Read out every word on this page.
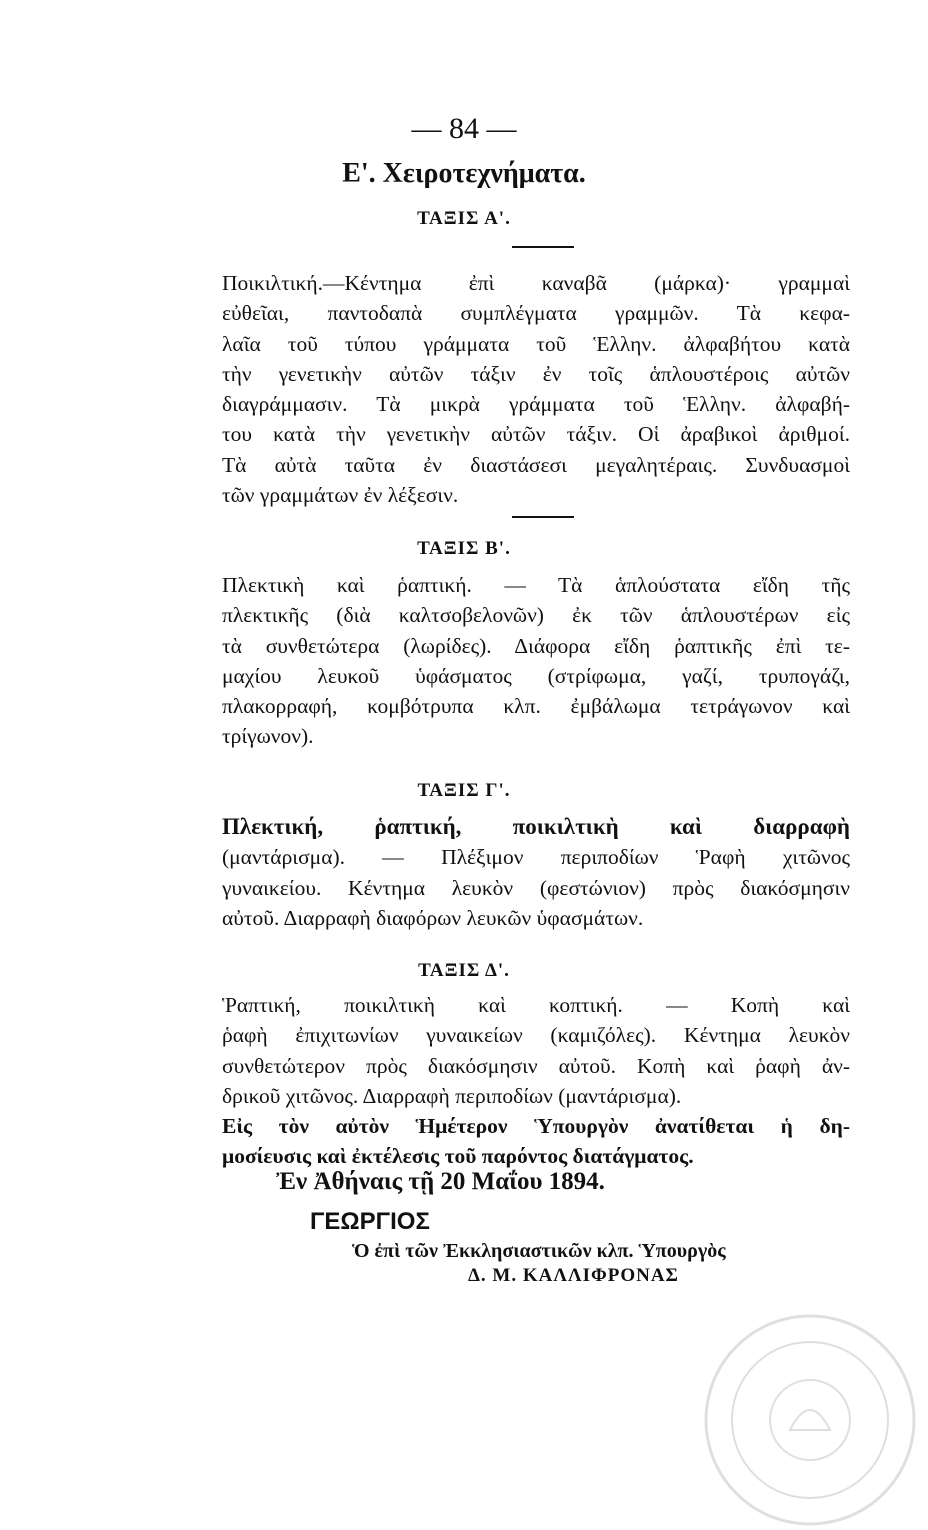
— 84 —
Ε'. Χειροτεχνήματα.
ΤΑΞΙΣ Α'.
Ποικιλτική.—Κέντημα ἐπὶ καναβᾶ (μάρκα)· γραμμαὶ
εὐθεῖαι, παντοδαπὰ συμπλέγματα γραμμῶν. Τὰ κεφα-
λαῖα τοῦ τύπου γράμματα τοῦ Ἑλλην. ἀλφαβήτου κατὰ
τὴν γενετικὴν αὐτῶν τάξιν ἐν τοῖς ἁπλουστέροις αὐτῶν
διαγράμμασιν. Τὰ μικρὰ γράμματα τοῦ Ἑλλην. ἀλφαβή-
του κατὰ τὴν γενετικὴν αὐτῶν τάξιν. Οἱ ἀραβικοὶ ἀριθμοί.
Τὰ αὐτὰ ταῦτα ἐν διαστάσεσι μεγαλητέραις. Συνδυασμοὶ
τῶν γραμμάτων ἐν λέξεσιν.
ΤΑΞΙΣ Β'.
Πλεκτικὴ καὶ ῥαπτική. — Τὰ ἁπλούστατα εἴδη τῆς
πλεκτικῆς (διὰ καλτσοβελονῶν) ἐκ τῶν ἁπλουστέρων εἰς
τὰ συνθετώτερα (λωρίδες). Διάφορα εἴδη ῥαπτικῆς ἐπὶ τε-
μαχίου λευκοῦ ὑφάσματος (στρίφωμα, γαζί, τρυπογάζι,
πλακορραφή, κομβότρυπα κλπ. ἐμβάλωμα τετράγωνον καὶ
τρίγωνον).
ΤΑΞΙΣ Γ'.
Πλεκτική, ῥαπτική, ποικιλτικὴ καὶ διαρραφὴ
(μαντάρισμα). — Πλέξιμον περιποδίων Ῥαφὴ χιτῶνος
γυναικείου. Κέντημα λευκὸν (φεστώνιον) πρὸς διακόσμησιν
αὐτοῦ. Διαρραφὴ διαφόρων λευκῶν ὑφασμάτων.
ΤΑΞΙΣ Δ'.
Ῥαπτική, ποικιλτικὴ καὶ κοπτική. — Κοπὴ καὶ
ῥαφὴ ἐπιχιτωνίων γυναικείων (καμιζόλες). Κέντημα λευκὸν
συνθετώτερον πρὸς διακόσμησιν αὐτοῦ. Κοπὴ καὶ ῥαφὴ ἀν-
δρικοῦ χιτῶνος. Διαρραφὴ περιποδίων (μαντάρισμα).
Εἰς τὸν αὐτὸν Ἡμέτερον Ὑπουργὸν ἀνατίθεται ἡ δη-
μοσίευσις καὶ ἐκτέλεσις τοῦ παρόντος διατάγματος.
Ἐν Ἀθήναις τῇ 20 Μαΐου 1894.
ΓΕΩΡΓΙΟΣ
Ὁ ἐπὶ τῶν Ἐκκλησιαστικῶν κλπ. Ὑπουργὸς
Δ. Μ. ΚΑΛΛΙΦΡΟΝΑΣ
